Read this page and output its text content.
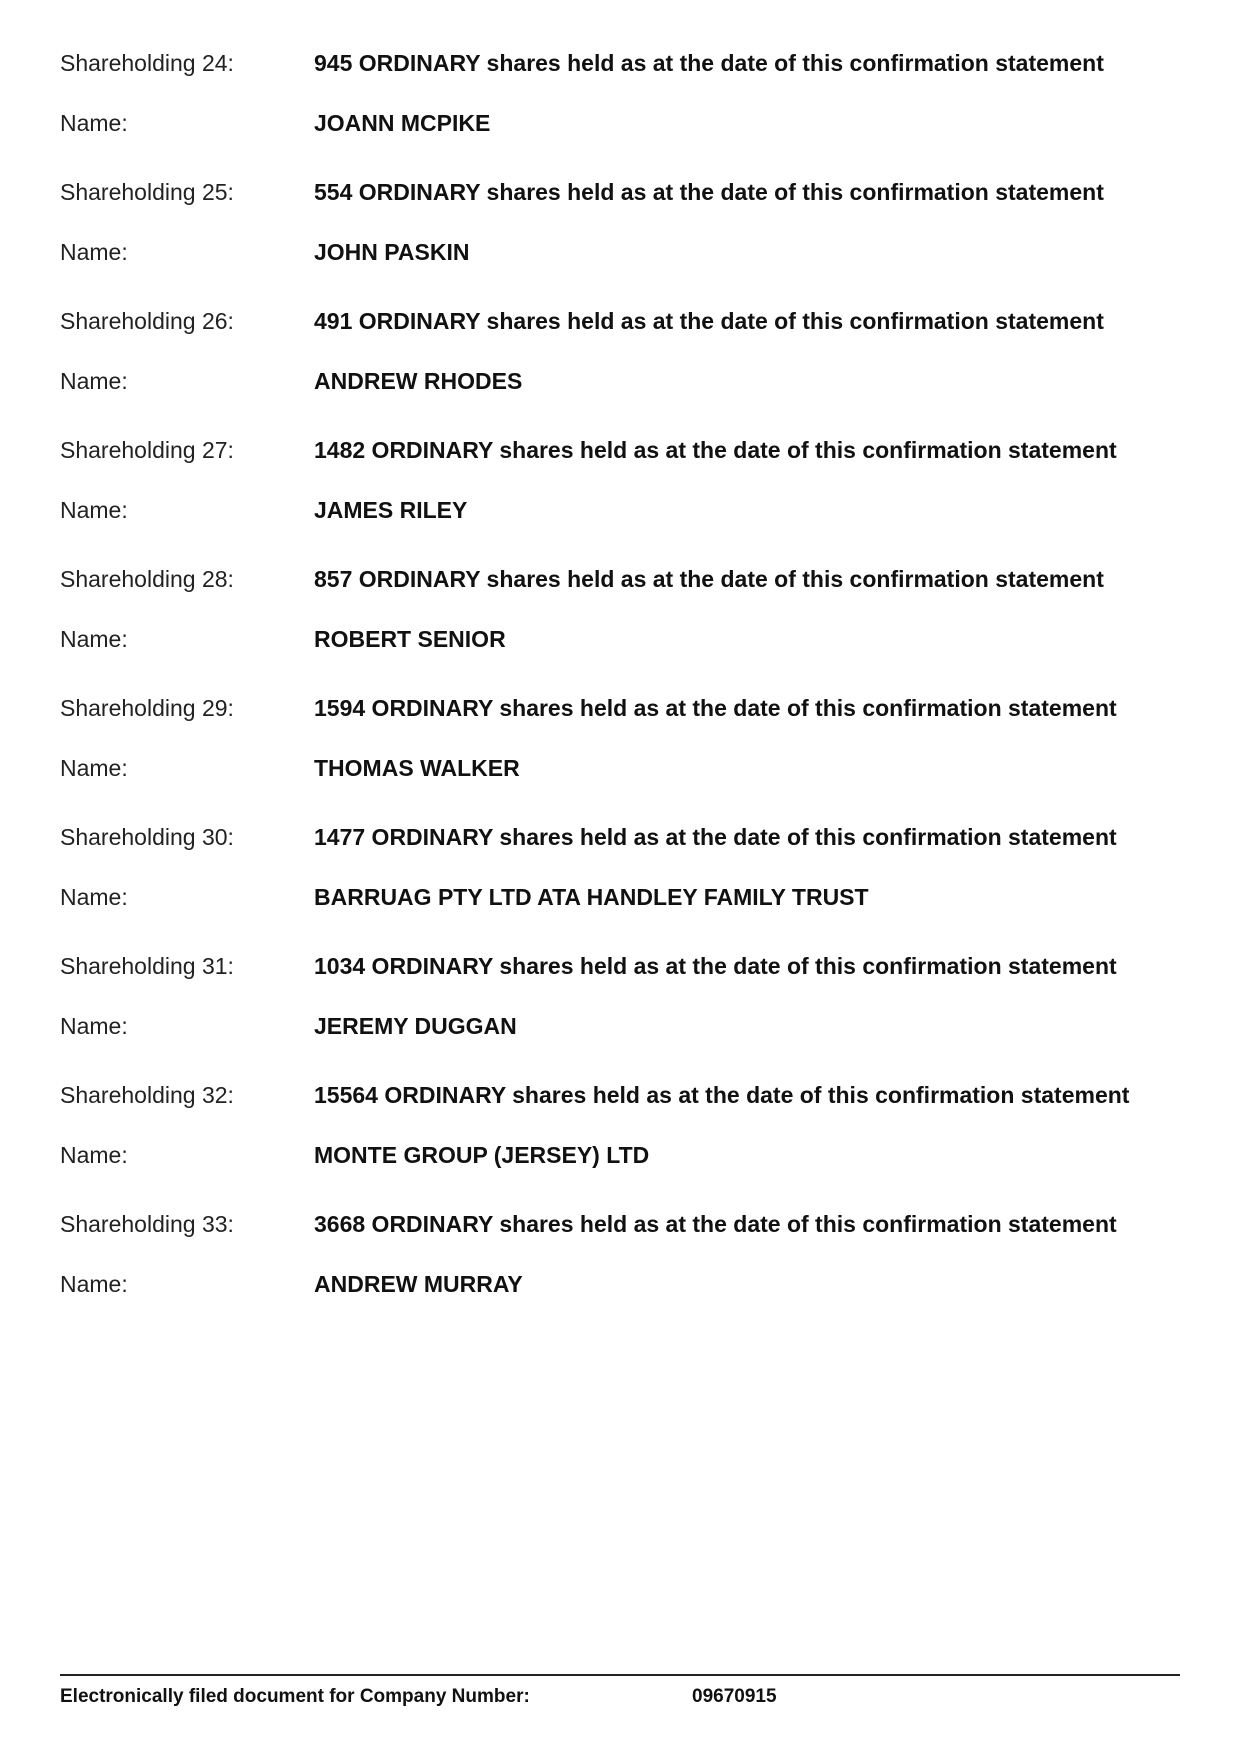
Shareholding 24:	945 ORDINARY shares held as at the date of this confirmation statement
Name:	JOANN MCPIKE
Shareholding 25:	554 ORDINARY shares held as at the date of this confirmation statement
Name:	JOHN PASKIN
Shareholding 26:	491 ORDINARY shares held as at the date of this confirmation statement
Name:	ANDREW RHODES
Shareholding 27:	1482 ORDINARY shares held as at the date of this confirmation statement
Name:	JAMES RILEY
Shareholding 28:	857 ORDINARY shares held as at the date of this confirmation statement
Name:	ROBERT SENIOR
Shareholding 29:	1594 ORDINARY shares held as at the date of this confirmation statement
Name:	THOMAS WALKER
Shareholding 30:	1477 ORDINARY shares held as at the date of this confirmation statement
Name:	BARRUAG PTY LTD ATA HANDLEY FAMILY TRUST
Shareholding 31:	1034 ORDINARY shares held as at the date of this confirmation statement
Name:	JEREMY DUGGAN
Shareholding 32:	15564 ORDINARY shares held as at the date of this confirmation statement
Name:	MONTE GROUP (JERSEY) LTD
Shareholding 33:	3668 ORDINARY shares held as at the date of this confirmation statement
Name:	ANDREW MURRAY
Electronically filed document for Company Number:	09670915
